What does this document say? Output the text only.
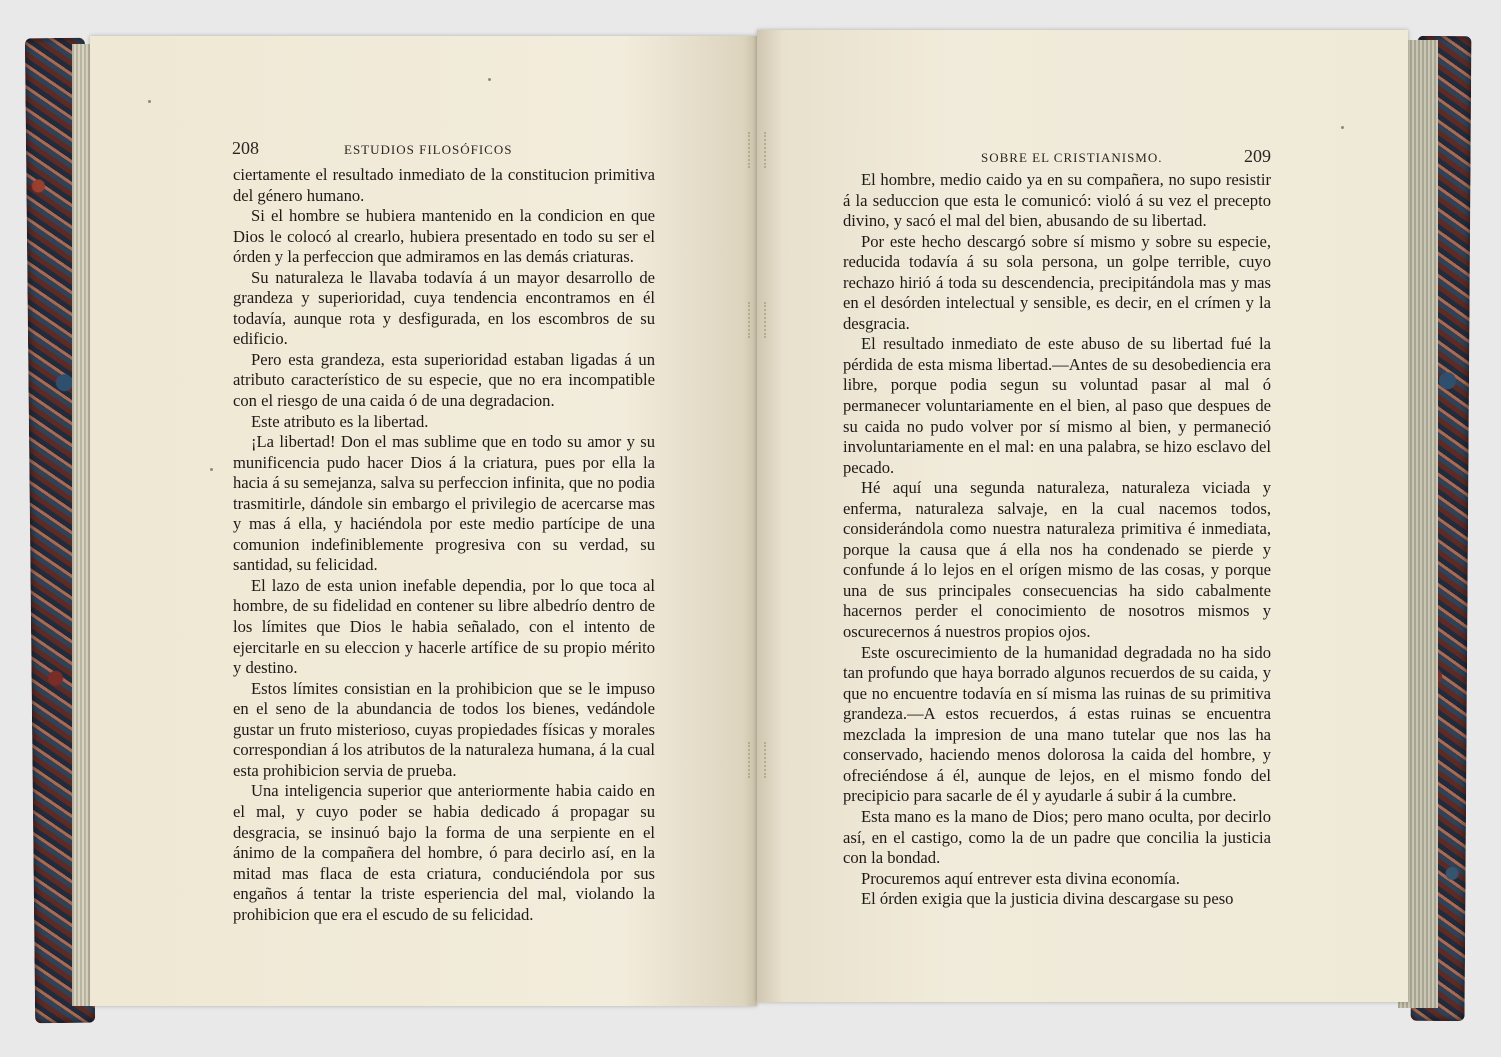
208	ESTUDIOS FILOSÓFICOS

ciertamente el resultado inmediato de la constitucion primitiva del género humano.

Si el hombre se hubiera mantenido en la condicion en que Dios le colocó al crearlo, hubiera presentado en todo su ser el órden y la perfeccion que admiramos en las demás criaturas.

Su naturaleza le llavaba todavía á un mayor desarrollo de grandeza y superioridad, cuya tendencia encontramos en él todavía, aunque rota y desfigurada, en los escombros de su edificio.

Pero esta grandeza, esta superioridad estaban ligadas á un atributo característico de su especie, que no era incompatible con el riesgo de una caida ó de una degradacion.

Este atributo es la libertad.

¡La libertad! Don el mas sublime que en todo su amor y su munificencia pudo hacer Dios á la criatura, pues por ella la hacia á su semejanza, salva su perfeccion infinita, que no podia trasmitirle, dándole sin embargo el privilegio de acercarse mas y mas á ella, y haciéndola por este medio partícipe de una comunion indefiniblemente progresiva con su verdad, su santidad, su felicidad.

El lazo de esta union inefable dependia, por lo que toca al hombre, de su fidelidad en contener su libre albedrío dentro de los límites que Dios le habia señalado, con el intento de ejercitarle en su eleccion y hacerle artífice de su propio mérito y destino.

Estos límites consistian en la prohibicion que se le impuso en el seno de la abundancia de todos los bienes, vedándole gustar un fruto misterioso, cuyas propiedades físicas y morales correspondian á los atributos de la naturaleza humana, á la cual esta prohibicion servia de prueba.

Una inteligencia superior que anteriormente habia caido en el mal, y cuyo poder se habia dedicado á propagar su desgracia, se insinuó bajo la forma de una serpiente en el ánimo de la compañera del hombre, ó para decirlo así, en la mitad mas flaca de esta criatura, conduciéndola por sus engaños á tentar la triste esperiencia del mal, violando la prohibicion que era el escudo de su felicidad.

SOBRE EL CRISTIANISMO.	209

El hombre, medio caido ya en su compañera, no supo resistir á la seduccion que esta le comunicó: violó á su vez el precepto divino, y sacó el mal del bien, abusando de su libertad.

Por este hecho descargó sobre sí mismo y sobre su especie, reducida todavía á su sola persona, un golpe terrible, cuyo rechazo hirió á toda su descendencia, precipitándola mas y mas en el desórden intelectual y sensible, es decir, en el crímen y la desgracia.

El resultado inmediato de este abuso de su libertad fué la pérdida de esta misma libertad.—Antes de su desobediencia era libre, porque podia segun su voluntad pasar al mal ó permanecer voluntariamente en el bien, al paso que despues de su caida no pudo volver por sí mismo al bien, y permaneció involuntariamente en el mal: en una palabra, se hizo esclavo del pecado.

Hé aquí una segunda naturaleza, naturaleza viciada y enferma, naturaleza salvaje, en la cual nacemos todos, considerándola como nuestra naturaleza primitiva é inmediata, porque la causa que á ella nos ha condenado se pierde y confunde á lo lejos en el orígen mismo de las cosas, y porque una de sus principales consecuencias ha sido cabalmente hacernos perder el conocimiento de nosotros mismos y oscurecernos á nuestros propios ojos.

Este oscurecimiento de la humanidad degradada no ha sido tan profundo que haya borrado algunos recuerdos de su caida, y que no encuentre todavía en sí misma las ruinas de su primitiva grandeza.—A estos recuerdos, á estas ruinas se encuentra mezclada la impresion de una mano tutelar que nos las ha conservado, haciendo menos dolorosa la caida del hombre, y ofreciéndose á él, aunque de lejos, en el mismo fondo del precipicio para sacarle de él y ayudarle á subir á la cumbre.

Esta mano es la mano de Dios; pero mano oculta, por decirlo así, en el castigo, como la de un padre que concilia la justicia con la bondad.

Procuremos aquí entrever esta divina economía.

El órden exigia que la justicia divina descargase su peso
